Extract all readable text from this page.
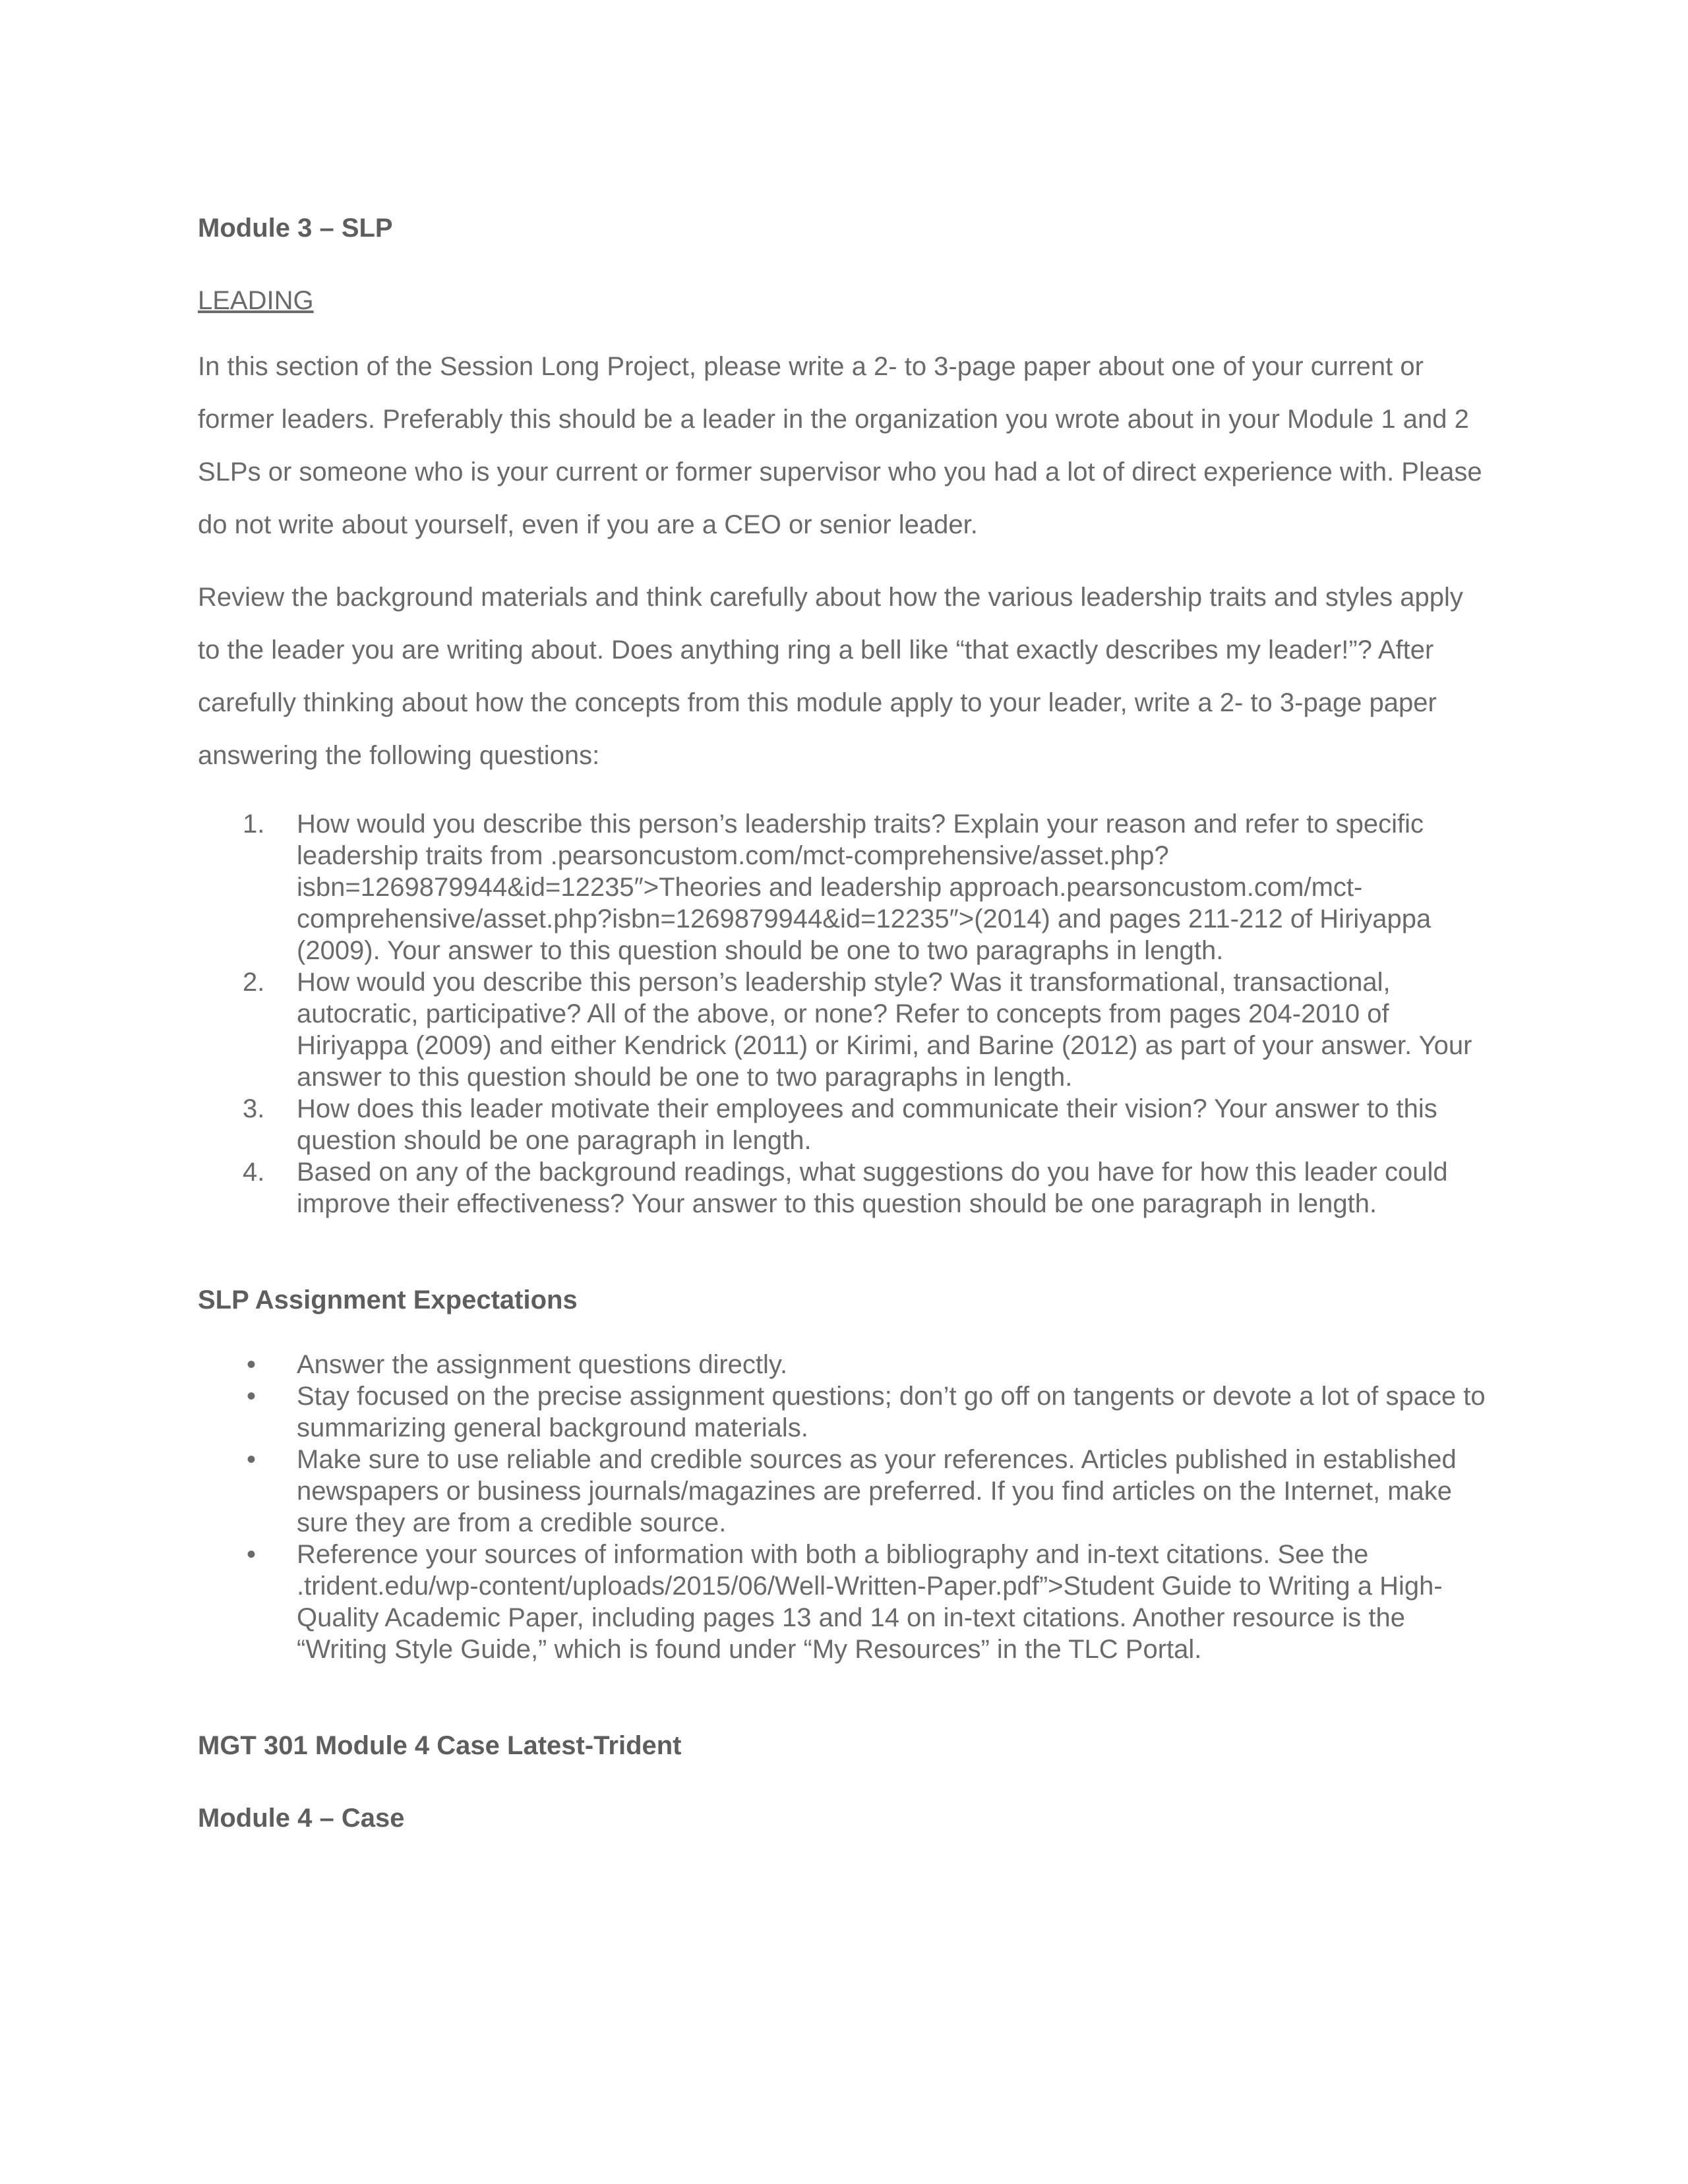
Module 3 – SLP

LEADING

In this section of the Session Long Project, please write a 2- to 3-page paper about one of your current or former leaders. Preferably this should be a leader in the organization you wrote about in your Module 1 and 2 SLPs or someone who is your current or former supervisor who you had a lot of direct experience with. Please do not write about yourself, even if you are a CEO or senior leader.

Review the background materials and think carefully about how the various leadership traits and styles apply to the leader you are writing about. Does anything ring a bell like “that exactly describes my leader!”? After carefully thinking about how the concepts from this module apply to your leader, write a 2- to 3-page paper answering the following questions:

1. How would you describe this person’s leadership traits? Explain your reason and refer to specific leadership traits from .pearsoncustom.com/mct-comprehensive/asset.php?isbn=1269879944&id=12235″>Theories and leadership approach.pearsoncustom.com/mct-comprehensive/asset.php?isbn=1269879944&id=12235″>(2014) and pages 211-212 of Hiriyappa (2009). Your answer to this question should be one to two paragraphs in length.
2. How would you describe this person’s leadership style? Was it transformational, transactional, autocratic, participative? All of the above, or none? Refer to concepts from pages 204-2010 of Hiriyappa (2009) and either Kendrick (2011) or Kirimi, and Barine (2012) as part of your answer. Your answer to this question should be one to two paragraphs in length.
3. How does this leader motivate their employees and communicate their vision? Your answer to this question should be one paragraph in length.
4. Based on any of the background readings, what suggestions do you have for how this leader could improve their effectiveness? Your answer to this question should be one paragraph in length.

SLP Assignment Expectations

• Answer the assignment questions directly.
• Stay focused on the precise assignment questions; don’t go off on tangents or devote a lot of space to summarizing general background materials.
• Make sure to use reliable and credible sources as your references. Articles published in established newspapers or business journals/magazines are preferred. If you find articles on the Internet, make sure they are from a credible source.
• Reference your sources of information with both a bibliography and in-text citations. See the .trident.edu/wp-content/uploads/2015/06/Well-Written-Paper.pdf”>Student Guide to Writing a High-Quality Academic Paper, including pages 13 and 14 on in-text citations. Another resource is the “Writing Style Guide,” which is found under “My Resources” in the TLC Portal.

MGT 301 Module 4 Case Latest-Trident

Module 4 – Case
